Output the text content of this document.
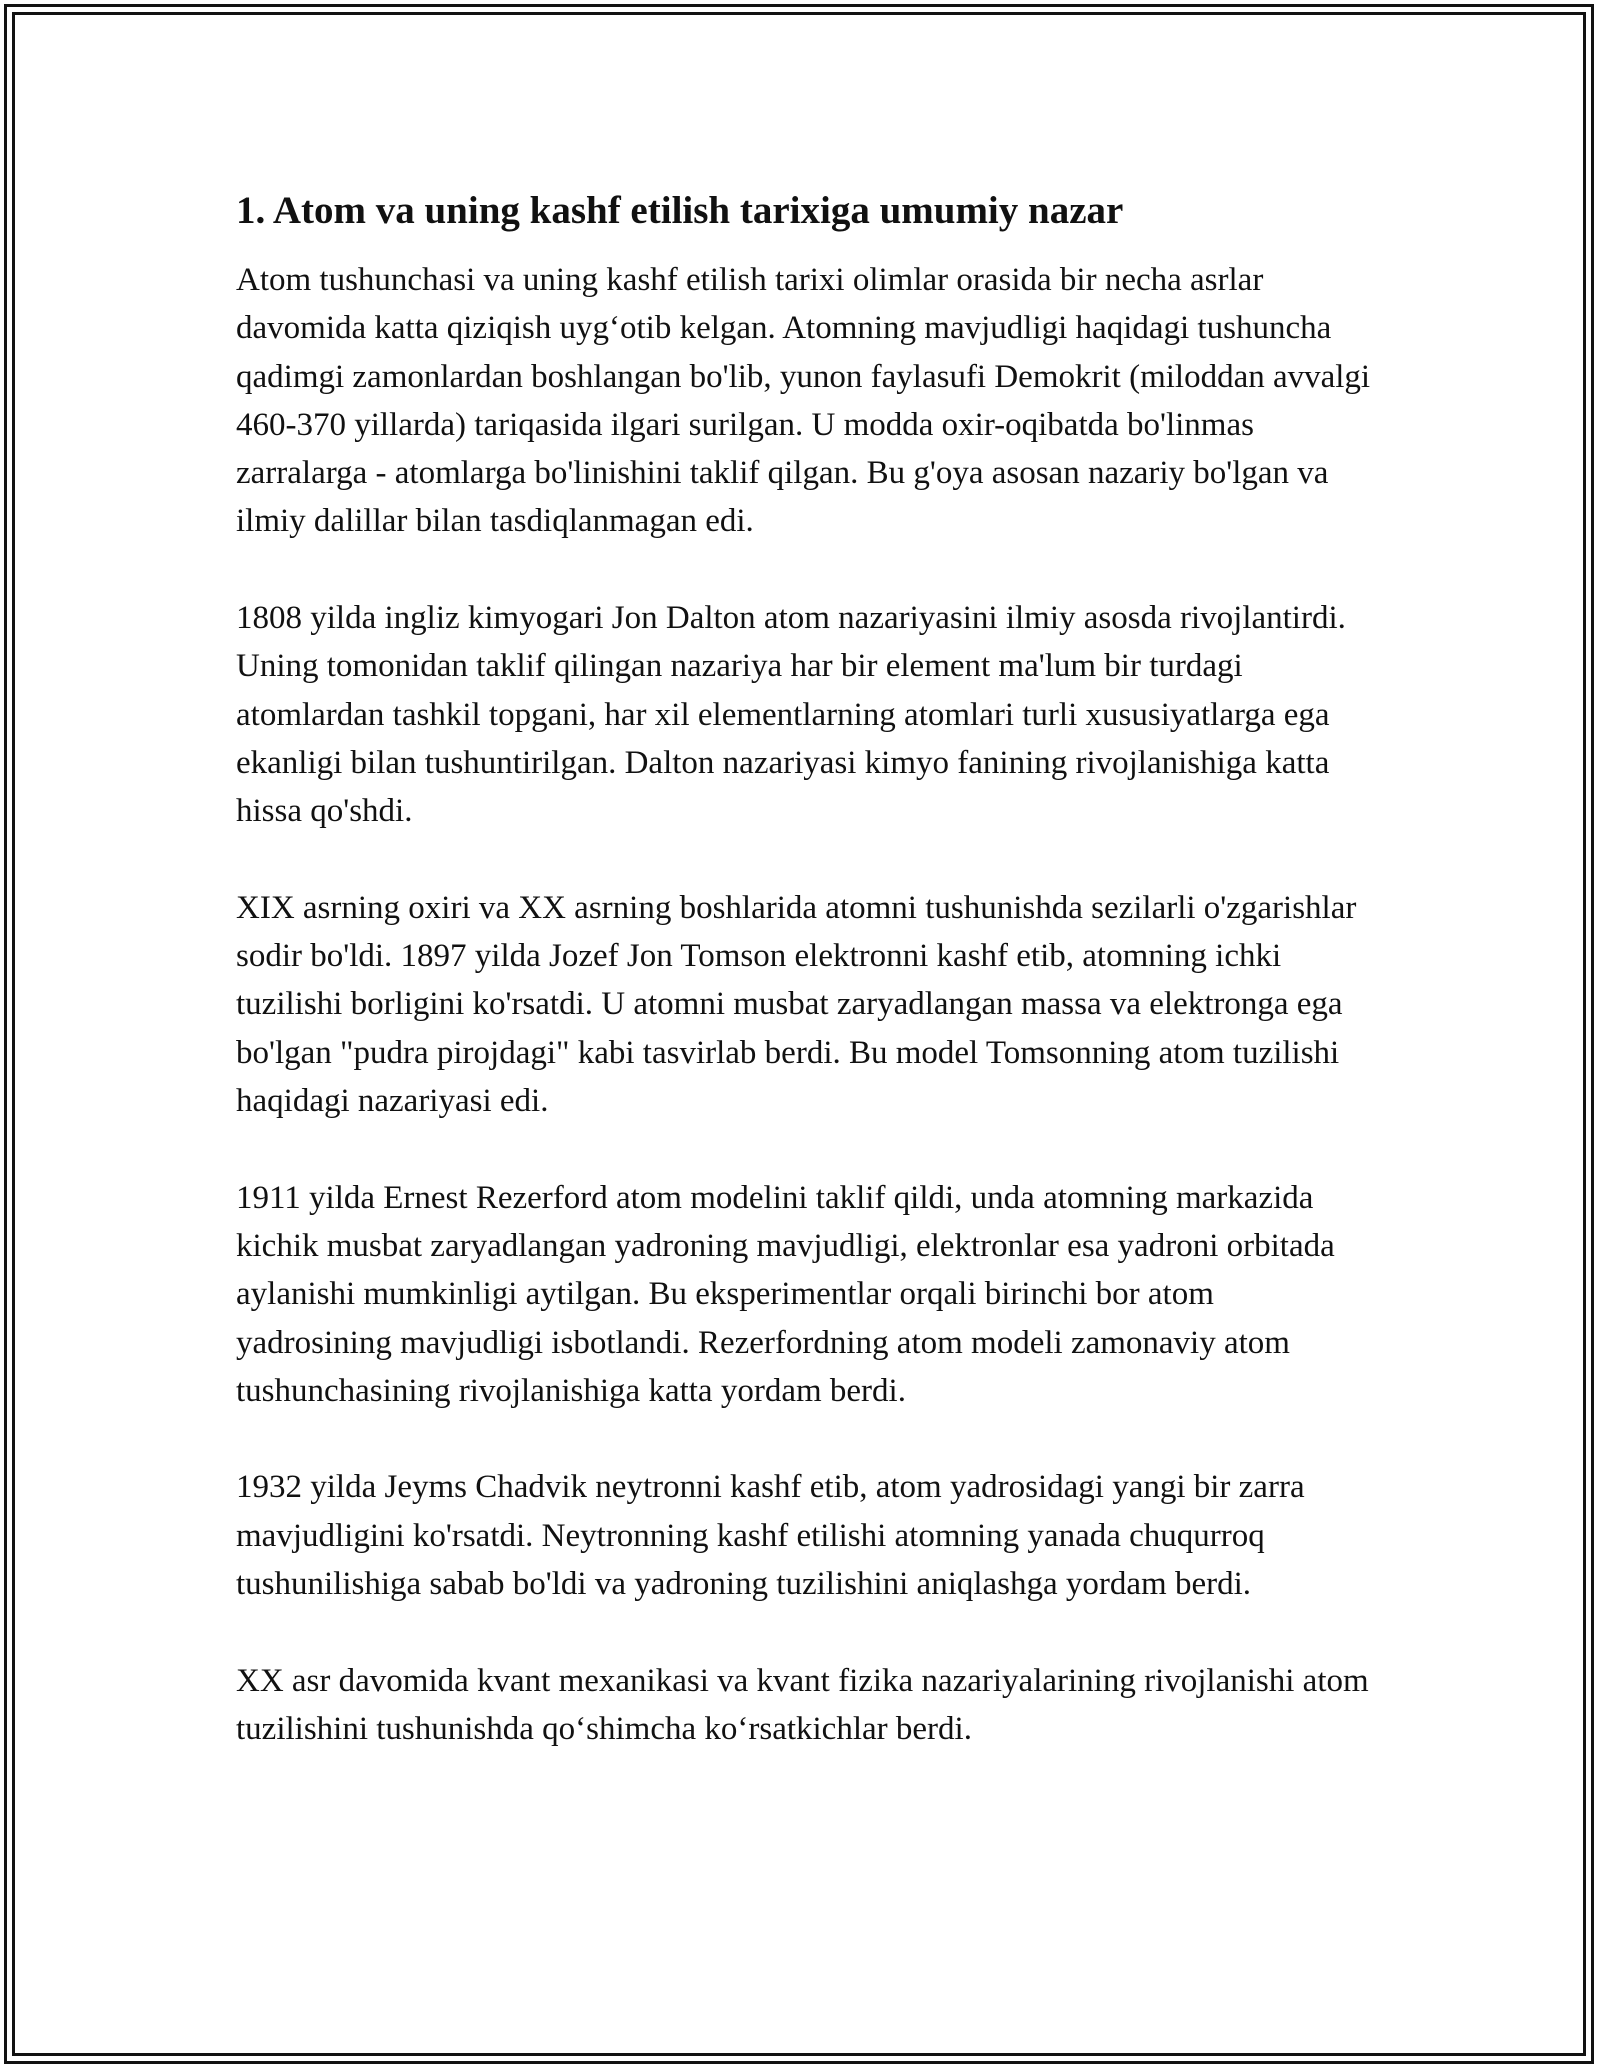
1. Atom va uning kashf etilish tarixiga umumiy nazar

Atom tushunchasi va uning kashf etilish tarixi olimlar orasida bir necha asrlar davomida katta qiziqish uyg‘otib kelgan. Atomning mavjudligi haqidagi tushuncha qadimgi zamonlardan boshlangan bo'lib, yunon faylasufi Demokrit (miloddan avvalgi 460-370 yillarda) tariqasida ilgari surilgan. U modda oxir-oqibatda bo'linmas zarralarga - atomlarga bo'linishini taklif qilgan. Bu g'oya asosan nazariy bo'lgan va ilmiy dalillar bilan tasdiqlanmagan edi.

1808 yilda ingliz kimyogari Jon Dalton atom nazariyasini ilmiy asosda rivojlantirdi. Uning tomonidan taklif qilingan nazariya har bir element ma'lum bir turdagi atomlardan tashkil topgani, har xil elementlarning atomlari turli xususiyatlarga ega ekanligi bilan tushuntirilgan. Dalton nazariyasi kimyo fanining rivojlanishiga katta hissa qo'shdi.

XIX asrning oxiri va XX asrning boshlarida atomni tushunishda sezilarli o'zgarishlar sodir bo'ldi. 1897 yilda Jozef Jon Tomson elektronni kashf etib, atomning ichki tuzilishi borligini ko'rsatdi. U atomni musbat zaryadlangan massa va elektronga ega bo'lgan "pudra pirojdagi" kabi tasvirlab berdi. Bu model Tomsonning atom tuzilishi haqidagi nazariyasi edi.

1911 yilda Ernest Rezerford atom modelini taklif qildi, unda atomning markazida kichik musbat zaryadlangan yadroning mavjudligi, elektronlar esa yadroni orbitada aylanishi mumkinligi aytilgan. Bu eksperimentlar orqali birinchi bor atom yadrosining mavjudligi isbotlandi. Rezerfordning atom modeli zamonaviy atom tushunchasining rivojlanishiga katta yordam berdi.

1932 yilda Jeyms Chadvik neytronni kashf etib, atom yadrosidagi yangi bir zarra mavjudligini ko'rsatdi. Neytronning kashf etilishi atomning yanada chuqurroq tushunilishiga sabab bo'ldi va yadroning tuzilishini aniqlashga yordam berdi.

XX asr davomida kvant mexanikasi va kvant fizika nazariyalarining rivojlanishi atom tuzilishini tushunishda qo‘shimcha ko‘rsatkichlar berdi.
